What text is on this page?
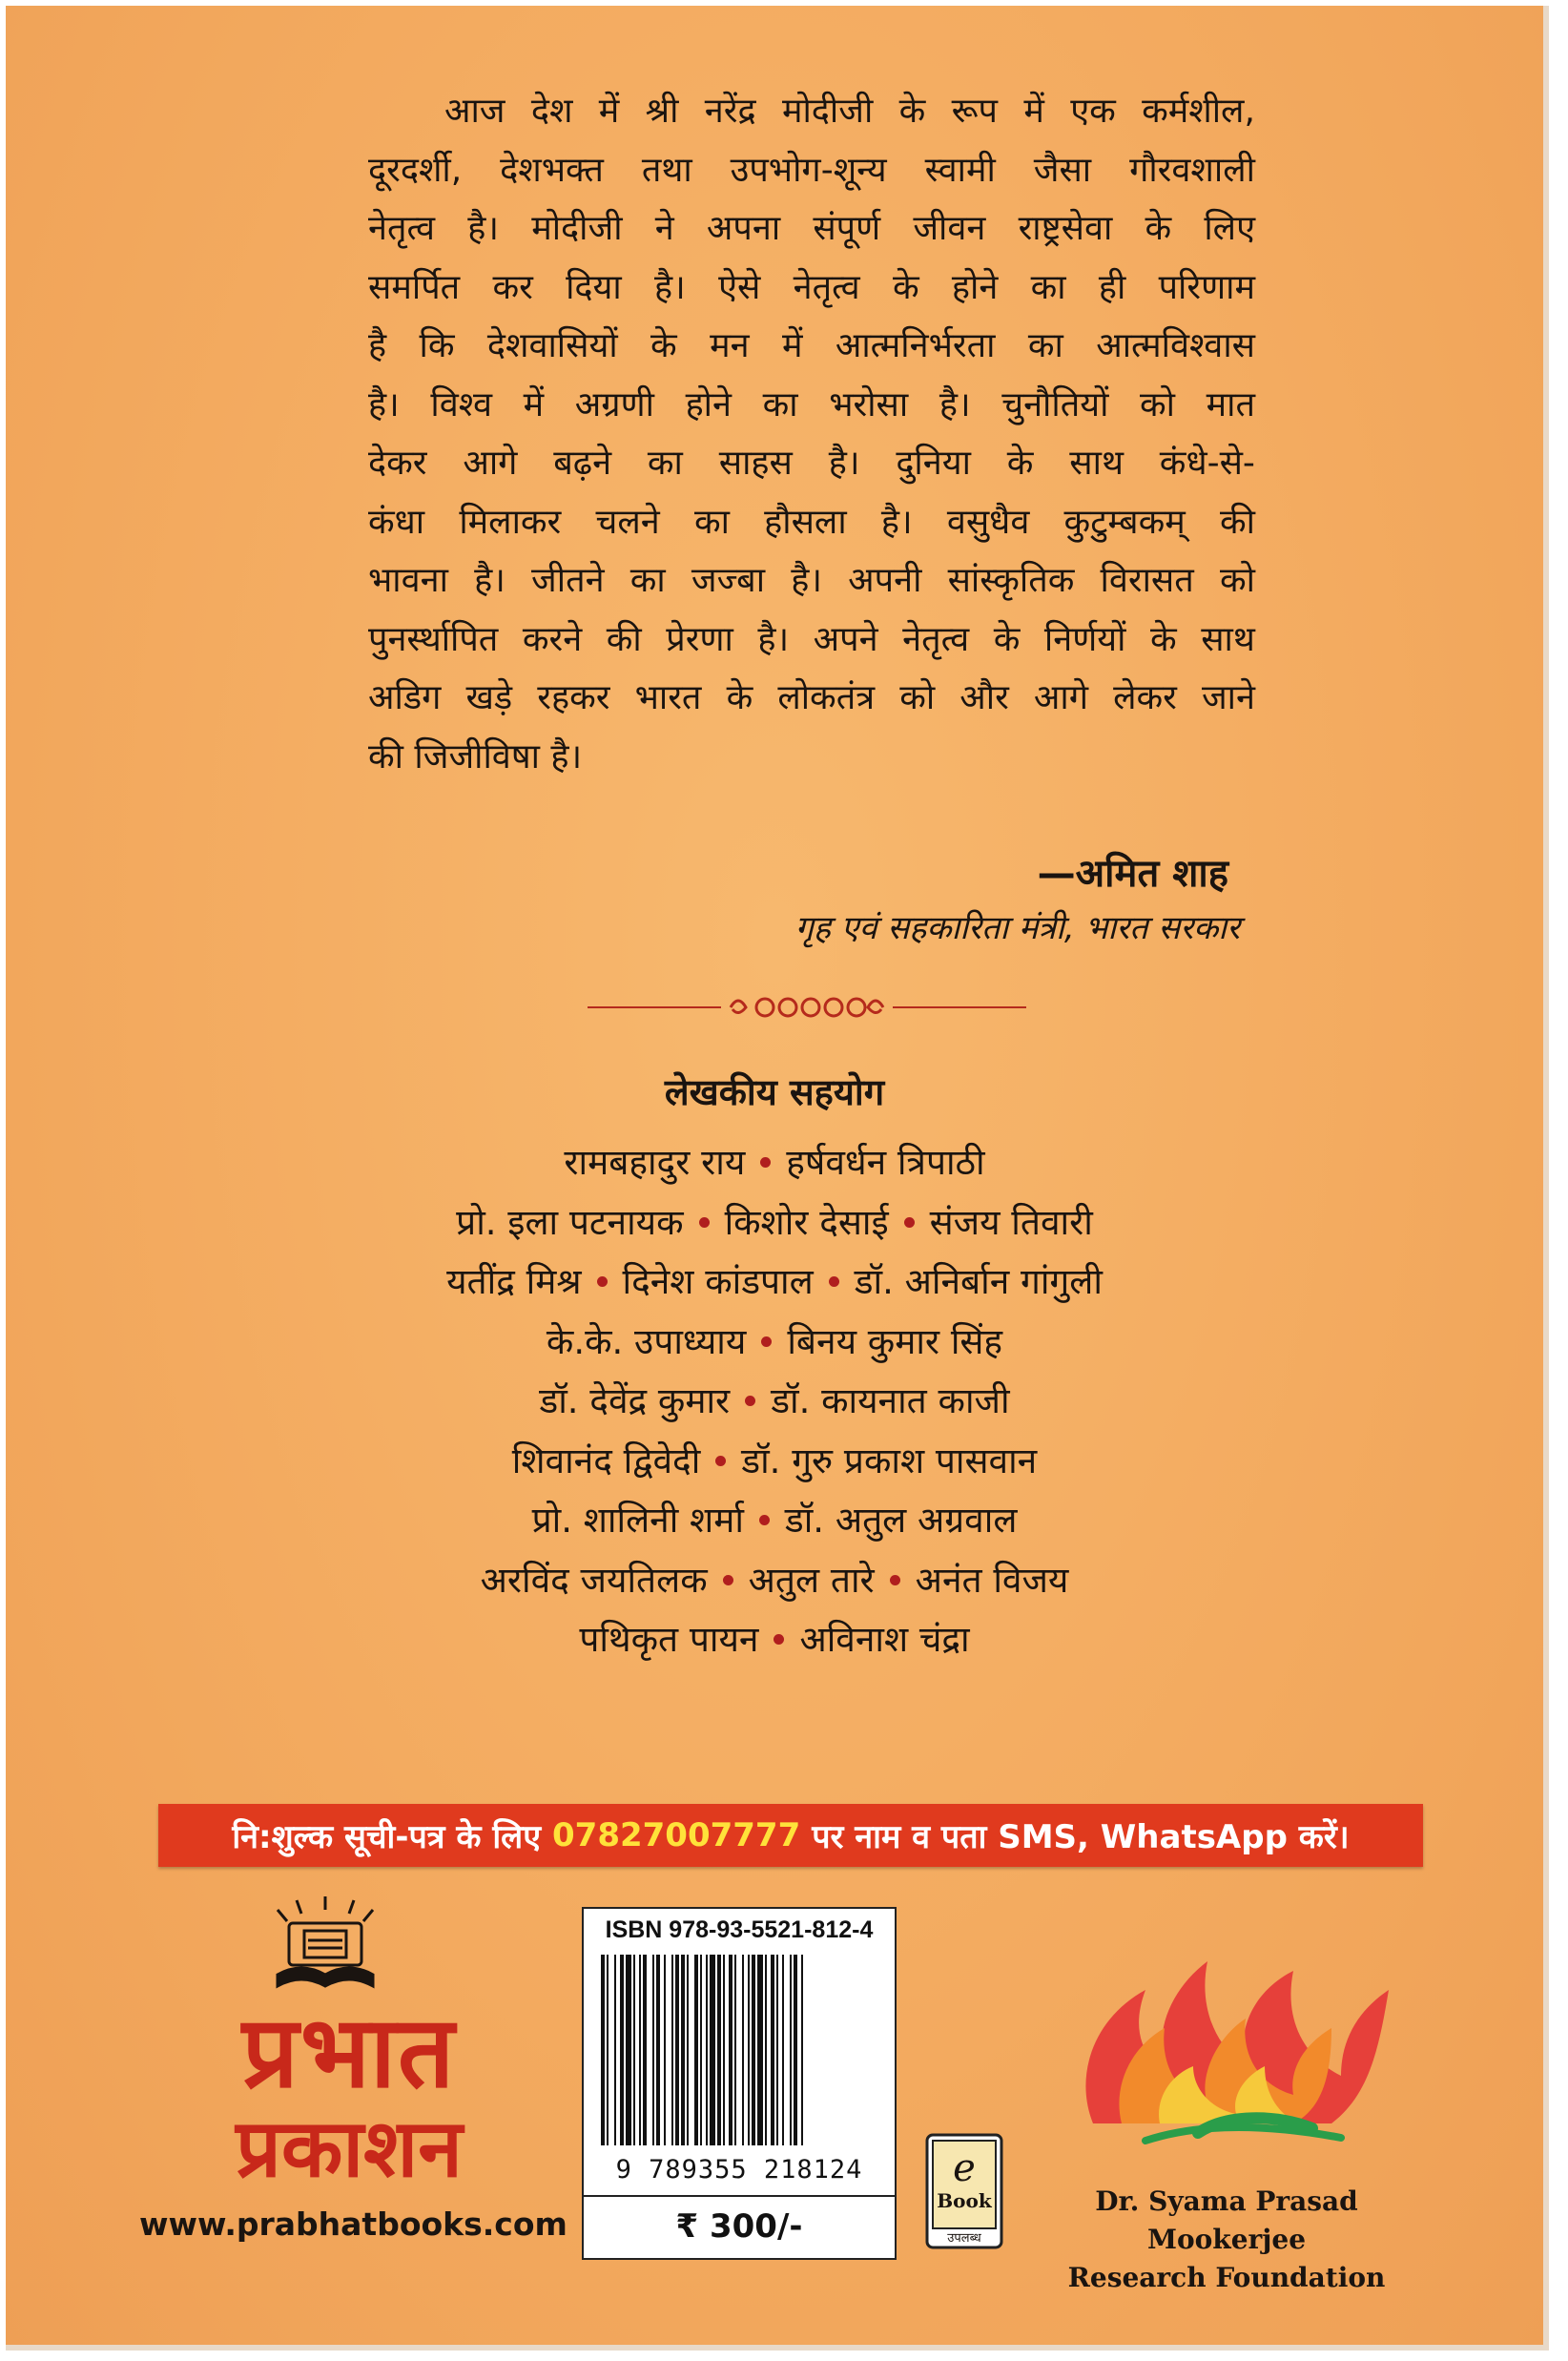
आज देश में श्री नरेंद्र मोदीजी के रूप में एक कर्मशील,
दूरदर्शी, देशभक्त तथा उपभोग-शून्य स्वामी जैसा गौरवशाली
नेतृत्व है। मोदीजी ने अपना संपूर्ण जीवन राष्ट्रसेवा के लिए
समर्पित कर दिया है। ऐसे नेतृत्व के होने का ही परिणाम
है कि देशवासियों के मन में आत्मनिर्भरता का आत्मविश्वास
है। विश्व में अग्रणी होने का भरोसा है। चुनौतियों को मात
देकर आगे बढ़ने का साहस है। दुनिया के साथ कंधे-से-
कंधा मिलाकर चलने का हौसला है। वसुधैव कुटुम्बकम् की
भावना है। जीतने का जज्बा है। अपनी सांस्कृतिक विरासत को
पुनर्स्थापित करने की प्रेरणा है। अपने नेतृत्व के निर्णयों के साथ
अडिग खड़े रहकर भारत के लोकतंत्र को और आगे लेकर जाने
की जिजीविषा है।
—अमित शाह
गृह एवं सहकारिता मंत्री, भारत सरकार
लेखकीय सहयोग
रामबहादुर राय हर्षवर्धन त्रिपाठी
प्रो. इला पटनायक किशोर देसाई संजय तिवारी
यतींद्र मिश्र दिनेश कांडपाल डॉ. अनिर्बान गांगुली
के.के. उपाध्याय बिनय कुमार सिंह
डॉ. देवेंद्र कुमार डॉ. कायनात काजी
शिवानंद द्विवेदी डॉ. गुरु प्रकाश पासवान
प्रो. शालिनी शर्मा डॉ. अतुल अग्रवाल
अरविंद जयतिलक अतुल तारे अनंत विजय
पथिकृत पायन अविनाश चंद्रा
नि:शुल्क सूची-पत्र के लिए 07827007777 पर नाम व पता SMS, WhatsApp करें।
प्रभात
प्रकाशन
www.prabhatbooks.com
ISBN 978-93-5521-812-4
9 789355 218124
₹ 300/-
e
Book
उपलब्ध
Dr. Syama Prasad Mookerjee
Research Foundation
